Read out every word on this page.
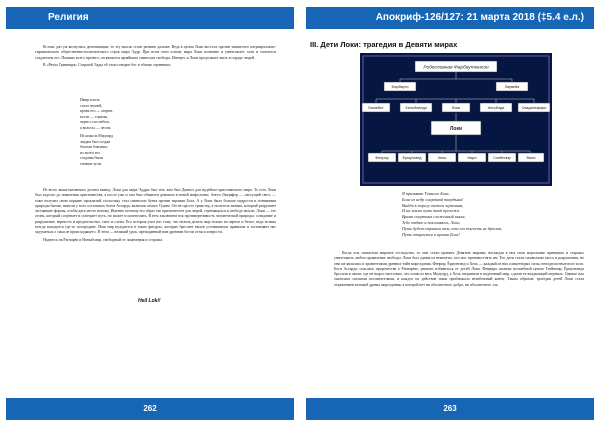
Религия

Кстати, раз уж коснулись демонизации, то эту мысль стоит развить дальше. Ведь в целом Локи восстал против замшелого патриархально-тиранического общественно-политического строя мира Эддр. При всем этом основу мира Локи косвенно и уничтожает, хотя и считается создателем его. Помимо всего прочего, он является ярчайшим символом свободы. Интерес к Локи продолжает жить в сердце людей.

В «Речах Гримнира» Старшей Эдды об этом говорит бог в облике странника:

Имир плоть
стала землей,
кровь его — морем,
кости — горами,
череп стал небом,
а волосы — лесом.
Из кожи ж Мидгард
людям был создан
богами благими;
из мозга его
созданы были
темные тучи.

Из всего вышесказанного делаем вывод: Локи для мира Эддры был тем, кем был Диавол для иудейско-христианского мира. То есть Локи был задолго до появления христианства, а после уже и сам был объявлен демоном в новой мифологии. Ангел Люцифер — «несущий свет» — тоже получил свою порцию проклятий, поскольку стал символом бунта против тирании Бога. А у Локи было больше мудрости и понимания природы бытия, нежели у всех остальных богов Асгарда, включая самого Одина. Он не просто трикстер, а носитель знания, который разрушает застывшие формы, чтобы дать место новому. Именно поэтому его образ так притягателен для людей, стремящихся к свободе мысли. Локи — это огонь, который согревает и освещает путь, но может и испепелить. В нем заключена вся противоречивость человеческой природы: созидание и разрушение, верность и предательство, смех и слезы. Его история учит нас тому, что нельзя делить мир только на черное и белое, ведь истина всегда находится где-то посередине. Наш мир нуждается в таких фигурах, которые бросают вызов устоявшимся правилам и заставляют нас задуматься о смысле происходящего. В этом — великий урок, преподанный нам древним богом огня и хитрости.

Надеюсь на Рагнарёк и Новый мир, свободный от лицемерия и сторожа.

Heil Loki!
262
Апокриф-126/127: 21 марта 2018 (‡5.4 е.л.)
III. Дети Локи: трагедия в Девяти мирах
Родословная Фарбаутюнсон
Фарбаути	Лаувейя
Бюлейст	Хельблинди	Локи	Ангрбода	Свадильфари
Локи
Фенрир	Ёрмунганд	Хель	Нари	Слейпнир	Вали
Я призываю Тёмного Бога,
Бога из недр смертной твердыни!
Выйди к порогу светом червоным,
И на землю путь твой проложи.
Время смертных сложенный выше,
Тебе отдаю и поклоняюсь, Локи,
Путь будет страшен тем, кто его тягость не бросит,
Путь откроется и прояви Бога!

Когда асы захватили мировое господство, то они стали править Девятью мирами, насаждая в них свои моральные принципы и стараясь уничтожить любое проявление свободы. Локи был одним из немногих, кто мог противостоять им. Его дети стали символами хаоса и разрушения, но они же являлись и хранителями древних тайн мироздания. Фенрир, Ёрмунганд и Хель — каждый из них олицетворял силы, неподвластные воле асов. Боги Асгарда, опасаясь пророчества о Рагнарёке, решили избавиться от детей Локи. Фенрира сковали волшебной цепью Глейпнир, Ёрмунганда бросили в океан, где он вырос настолько, что опоясал весь Мидгард, а Хель отправили в подземный мир, сделав ее владычицей мертвых. Однако асы оказались плохими воспитателями, и каждое их действие лишь приближало неизбежный конец. Таким образом, трагедия детей Локи стала отражением великой драмы мироздания, в которой нет ни абсолютного добра, ни абсолютного зла.

263
